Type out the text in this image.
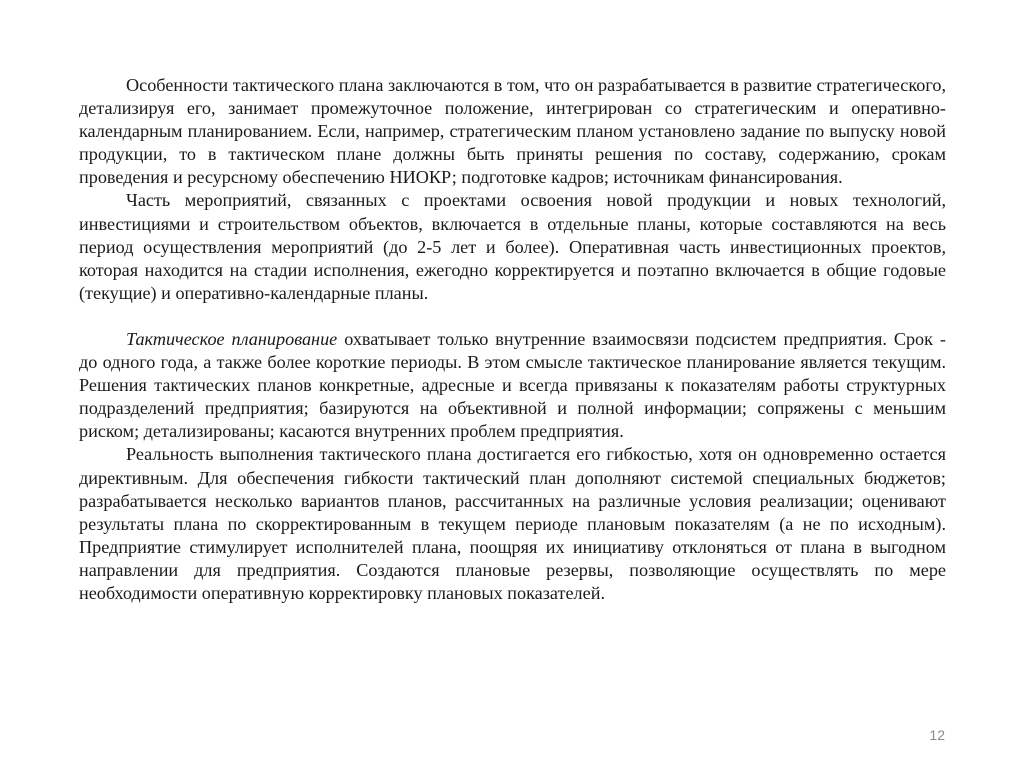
Особенности тактического плана заключаются в том, что он разрабатывается в развитие стратегического, детализируя его, занимает промежуточное положение, интегрирован со стратегическим и оперативно-календарным планированием. Если, например, стратегическим планом установлено задание по выпуску новой продукции, то в тактическом плане должны быть приняты решения по составу, содержанию, срокам проведения и ресурсному обеспечению НИОКР; подготовке кадров; источникам финансирования.

Часть мероприятий, связанных с проектами освоения новой продукции и новых технологий, инвестициями и строительством объектов, включается в отдельные планы, которые составляются на весь период осуществления мероприятий (до 2-5 лет и более). Оперативная часть инвестиционных проектов, которая находится на стадии исполнения, ежегодно корректируется и поэтапно включается в общие годовые (текущие) и оперативно-календарные планы.

Тактическое планирование охватывает только внутренние взаимосвязи подсистем предприятия. Срок - до одного года, а также более короткие периоды. В этом смысле тактическое планирование является текущим. Решения тактических планов конкретные, адресные и всегда привязаны к показателям работы структурных подразделений предприятия; базируются на объективной и полной информации; сопряжены с меньшим риском; детализированы; касаются внутренних проблем предприятия.

Реальность выполнения тактического плана достигается его гибкостью, хотя он одновременно остается директивным. Для обеспечения гибкости тактический план дополняют системой специальных бюджетов; разрабатывается несколько вариантов планов, рассчитанных на различные условия реализации; оценивают результаты плана по скорректированным в текущем периоде плановым показателям (а не по исходным). Предприятие стимулирует исполнителей плана, поощряя их инициативу отклоняться от плана в выгодном направлении для предприятия. Создаются плановые резервы, позволяющие осуществлять по мере необходимости оперативную корректировку плановых показателей.

12
